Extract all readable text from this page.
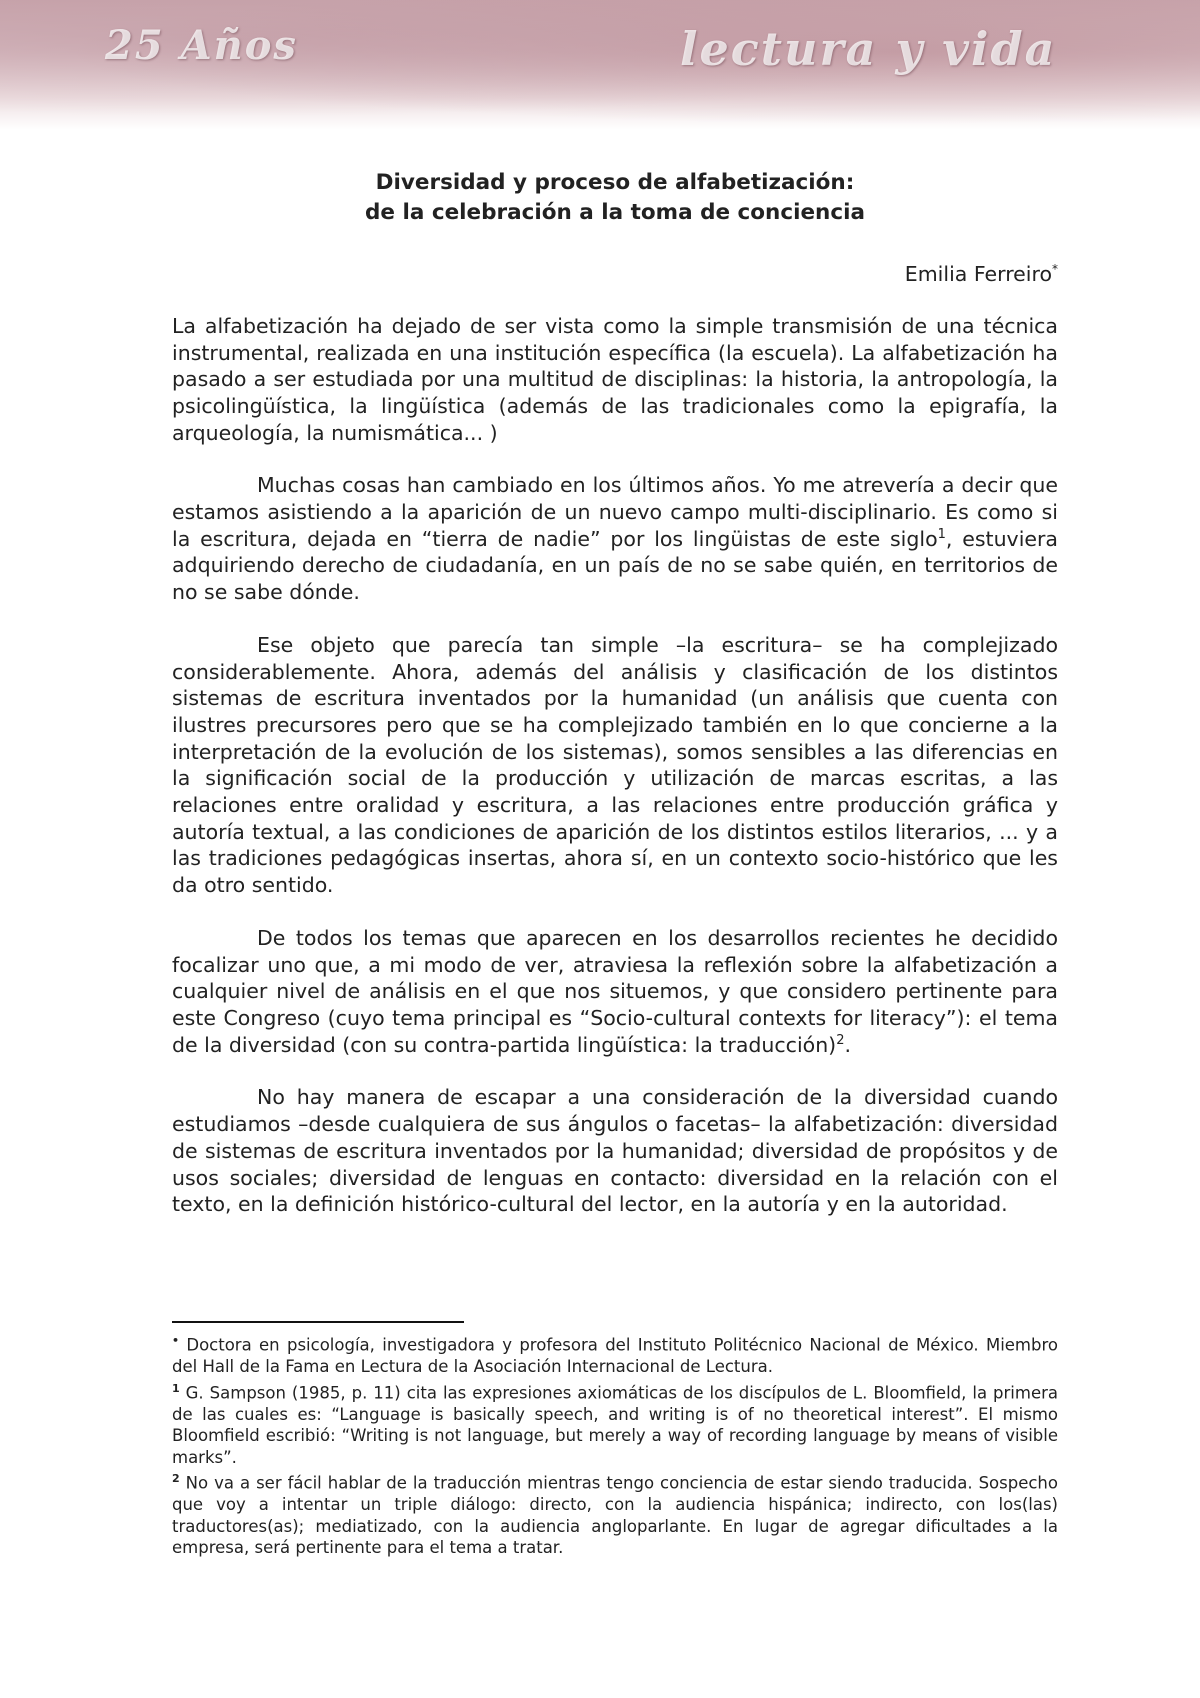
25 Años	lectura y vida
Diversidad y proceso de alfabetización:
de la celebración a la toma de conciencia
Emilia Ferreiro*

La alfabetización ha dejado de ser vista como la simple transmisión de una técnica instrumental, realizada en una institución específica (la escuela). La alfabetización ha pasado a ser estudiada por una multitud de disciplinas: la historia, la antropología, la psicolingüística, la lingüística (además de las tradicionales como la epigrafía, la arqueología, la numismática... )

Muchas cosas han cambiado en los últimos años. Yo me atrevería a decir que estamos asistiendo a la aparición de un nuevo campo multi-disciplinario. Es como si la escritura, dejada en “tierra de nadie” por los lingüistas de este siglo$^1$, estuviera adquiriendo derecho de ciudadanía, en un país de no se sabe quién, en territorios de no se sabe dónde.

Ese objeto que parecía tan simple –la escritura– se ha complejizado considerablemente. Ahora, además del análisis y clasificación de los distintos sistemas de escritura inventados por la humanidad (un análisis que cuenta con ilustres precursores pero que se ha complejizado también en lo que concierne a la interpretación de la evolución de los sistemas), somos sensibles a las diferencias en la significación social de la producción y utilización de marcas escritas, a las relaciones entre oralidad y escritura, a las relaciones entre producción gráfica y autoría textual, a las condiciones de aparición de los distintos estilos literarios, ... y a las tradiciones pedagógicas insertas, ahora sí, en un contexto socio-histórico que les da otro sentido.

De todos los temas que aparecen en los desarrollos recientes he decidido focalizar uno que, a mi modo de ver, atraviesa la reflexión sobre la alfabetización a cualquier nivel de análisis en el que nos situemos, y que considero pertinente para este Congreso (cuyo tema principal es “Socio-cultural contexts for literacy”): el tema de la diversidad (con su contra-partida lingüística: la traducción)$^2$.

No hay manera de escapar a una consideración de la diversidad cuando estudiamos –desde cualquiera de sus ángulos o facetas– la alfabetización: diversidad de sistemas de escritura inventados por la humanidad; diversidad de propósitos y de usos sociales; diversidad de lenguas en contacto: diversidad en la relación con el texto, en la definición histórico-cultural del lector, en la autoría y en la autoridad.

• Doctora en psicología, investigadora y profesora del Instituto Politécnico Nacional de México. Miembro del Hall de la Fama en Lectura de la Asociación Internacional de Lectura.

$^1$ G. Sampson (1985, p. 11) cita las expresiones axiomáticas de los discípulos de L. Bloomfield, la primera de las cuales es: “Language is basically speech, and writing is of no theoretical interest”. El mismo Bloomfield escribió: “Writing is not language, but merely a way of recording language by means of visible marks”.

$^2$ No va a ser fácil hablar de la traducción mientras tengo conciencia de estar siendo traducida. Sospecho que voy a intentar un triple diálogo: directo, con la audiencia hispánica; indirecto, con los(las) traductores(as); mediatizado, con la audiencia angloparlante. En lugar de agregar dificultades a la empresa, será pertinente para el tema a tratar.
